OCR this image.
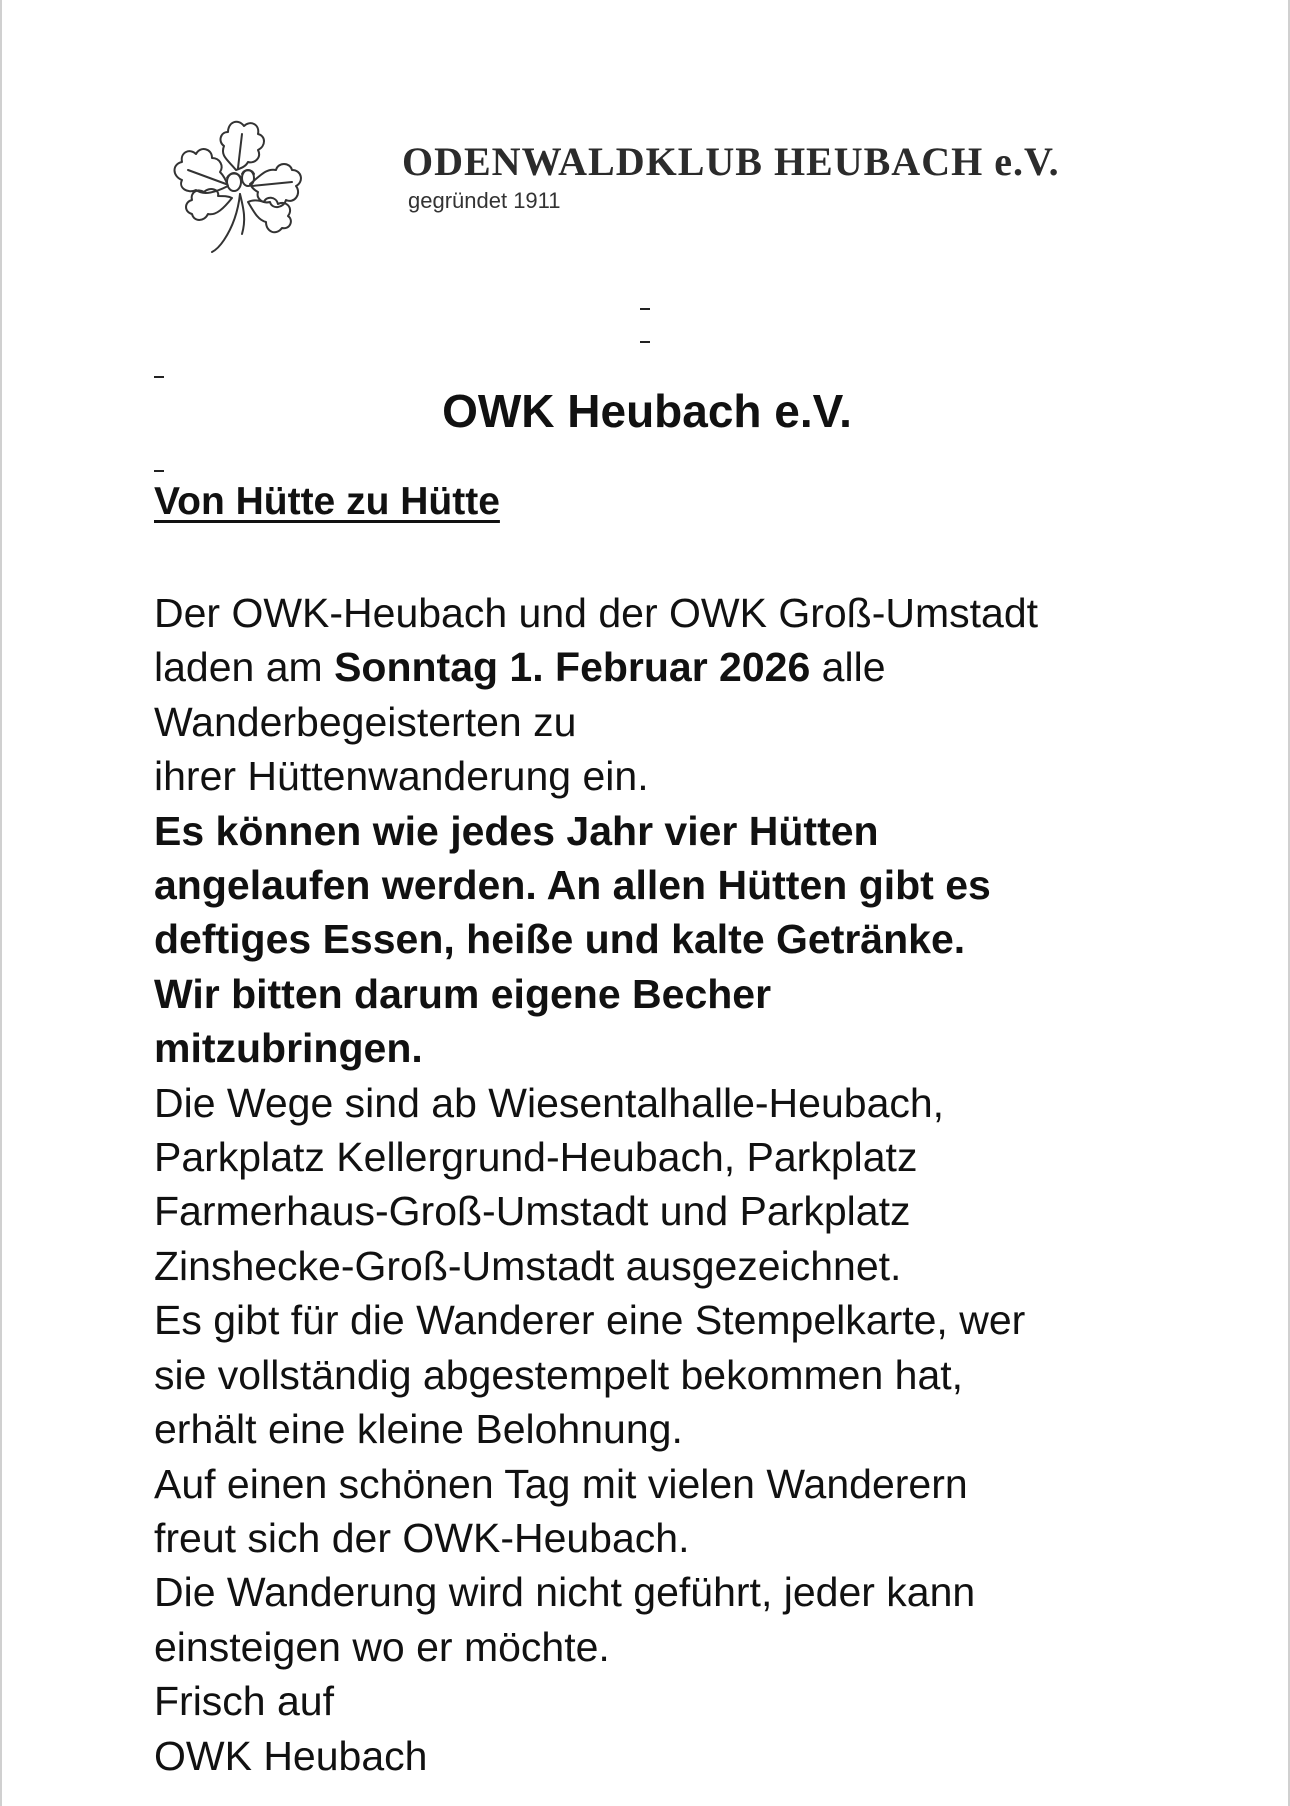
ODENWALDKLUB HEUBACH e.V.
gegründet 1911
OWK Heubach e.V.
Von Hütte zu Hütte
Der OWK-Heubach und der OWK Groß-Umstadt
laden am Sonntag 1. Februar 2026 alle
Wanderbegeisterten zu
ihrer Hüttenwanderung ein.
Es können wie jedes Jahr vier Hütten
angelaufen werden. An allen Hütten gibt es
deftiges Essen, heiße und kalte Getränke.
Wir bitten darum eigene Becher
mitzubringen.
Die Wege sind ab Wiesentalhalle-Heubach,
Parkplatz Kellergrund-Heubach, Parkplatz
Farmerhaus-Groß-Umstadt und Parkplatz
Zinshecke-Groß-Umstadt ausgezeichnet.
Es gibt für die Wanderer eine Stempelkarte, wer
sie vollständig abgestempelt bekommen hat,
erhält eine kleine Belohnung.
Auf einen schönen Tag mit vielen Wanderern
freut sich der OWK-Heubach.
Die Wanderung wird nicht geführt, jeder kann
einsteigen wo er möchte.
Frisch auf
OWK Heubach
